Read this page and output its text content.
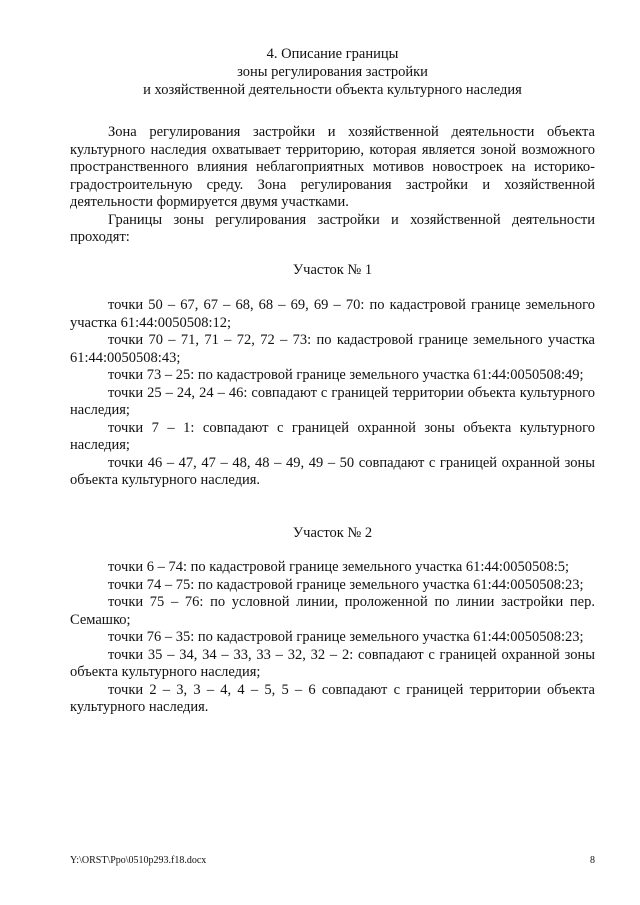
4. Описание границы
зоны регулирования застройки
и хозяйственной деятельности объекта культурного наследия

Зона регулирования застройки и хозяйственной деятельности объекта культурного наследия охватывает территорию, которая является зоной возможного пространственного влияния неблагоприятных мотивов новостроек на историко-градостроительную среду. Зона регулирования застройки и хозяйственной деятельности формируется двумя участками.

Границы зоны регулирования застройки и хозяйственной деятельности проходят:

Участок № 1

точки 50 – 67, 67 – 68, 68 – 69, 69 – 70: по кадастровой границе земельного участка 61:44:0050508:12;

точки 70 – 71, 71 – 72, 72 – 73: по кадастровой границе земельного участка 61:44:0050508:43;

точки 73 – 25: по кадастровой границе земельного участка 61:44:0050508:49;

точки 25 – 24, 24 – 46: совпадают с границей территории объекта культурного наследия;

точки 7 – 1: совпадают с границей охранной зоны объекта культурного наследия;

точки 46 – 47, 47 – 48, 48 – 49, 49 – 50 совпадают с границей охранной зоны объекта культурного наследия.

Участок № 2

точки 6 – 74: по кадастровой границе земельного участка 61:44:0050508:5;

точки 74 – 75: по кадастровой границе земельного участка 61:44:0050508:23;

точки 75 – 76: по условной линии, проложенной по линии застройки пер. Семашко;

точки 76 – 35: по кадастровой границе земельного участка 61:44:0050508:23;

точки 35 – 34, 34 – 33, 33 – 32, 32 – 2: совпадают с границей охранной зоны объекта культурного наследия;

точки 2 – 3, 3 – 4, 4 – 5, 5 – 6 совпадают с границей территории объекта культурного наследия.

Y:\ORST\Ppo\0510p293.f18.docx	8
